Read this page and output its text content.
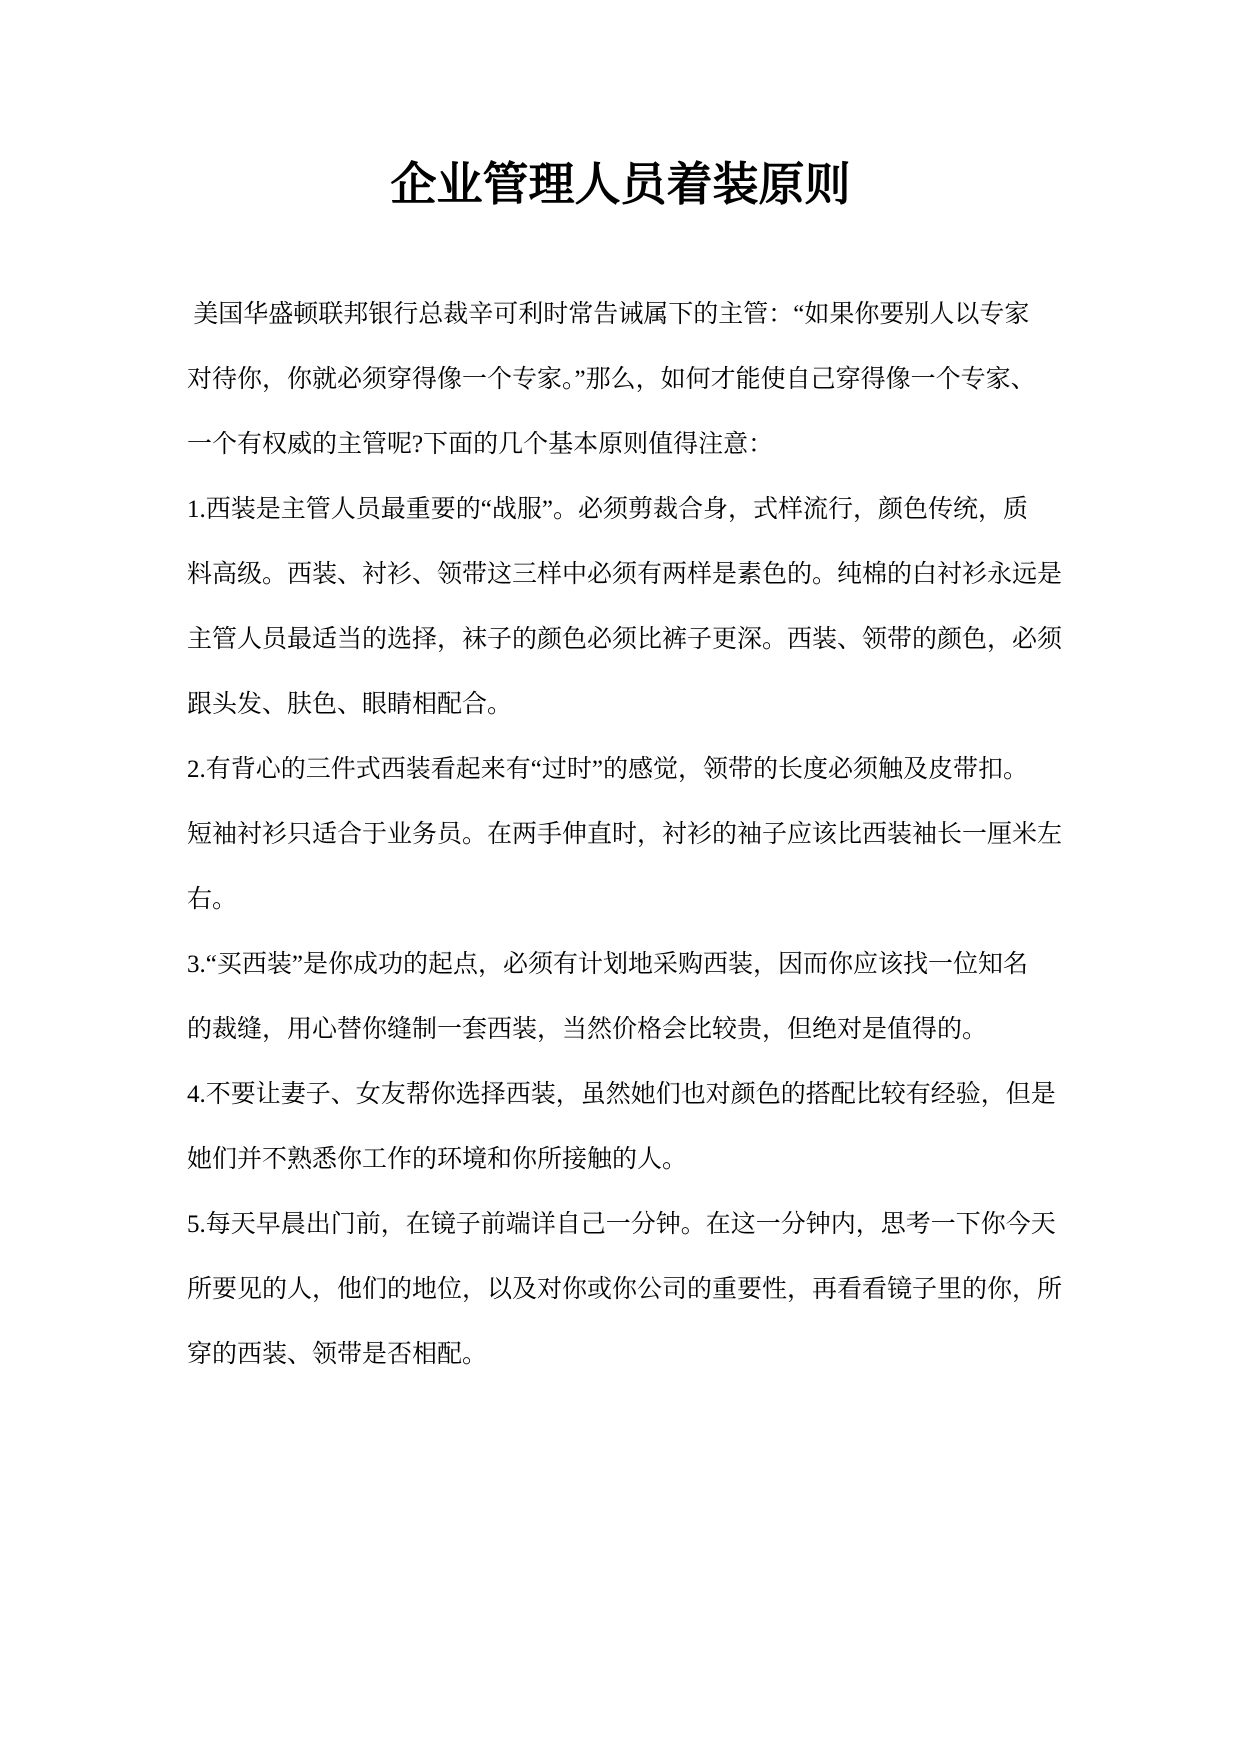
企业管理人员着装原则
美国华盛顿联邦银行总裁辛可利时常告诫属下的主管：“如果你要别人以专家
对待你，你就必须穿得像一个专家。”那么，如何才能使自己穿得像一个专家、
一个有权威的主管呢?下面的几个基本原则值得注意：
1.西装是主管人员最重要的“战服”。必须剪裁合身，式样流行，颜色传统，质
料高级。西装、衬衫、领带这三样中必须有两样是素色的。纯棉的白衬衫永远是
主管人员最适当的选择，袜子的颜色必须比裤子更深。西装、领带的颜色，必须
跟头发、肤色、眼睛相配合。
2.有背心的三件式西装看起来有“过时”的感觉，领带的长度必须触及皮带扣。
短袖衬衫只适合于业务员。在两手伸直时，衬衫的袖子应该比西装袖长一厘米左
右。
3.“买西装”是你成功的起点，必须有计划地采购西装，因而你应该找一位知名
的裁缝，用心替你缝制一套西装，当然价格会比较贵，但绝对是值得的。
4.不要让妻子、女友帮你选择西装，虽然她们也对颜色的搭配比较有经验，但是
她们并不熟悉你工作的环境和你所接触的人。
5.每天早晨出门前，在镜子前端详自己一分钟。在这一分钟内，思考一下你今天
所要见的人，他们的地位，以及对你或你公司的重要性，再看看镜子里的你，所
穿的西装、领带是否相配。
